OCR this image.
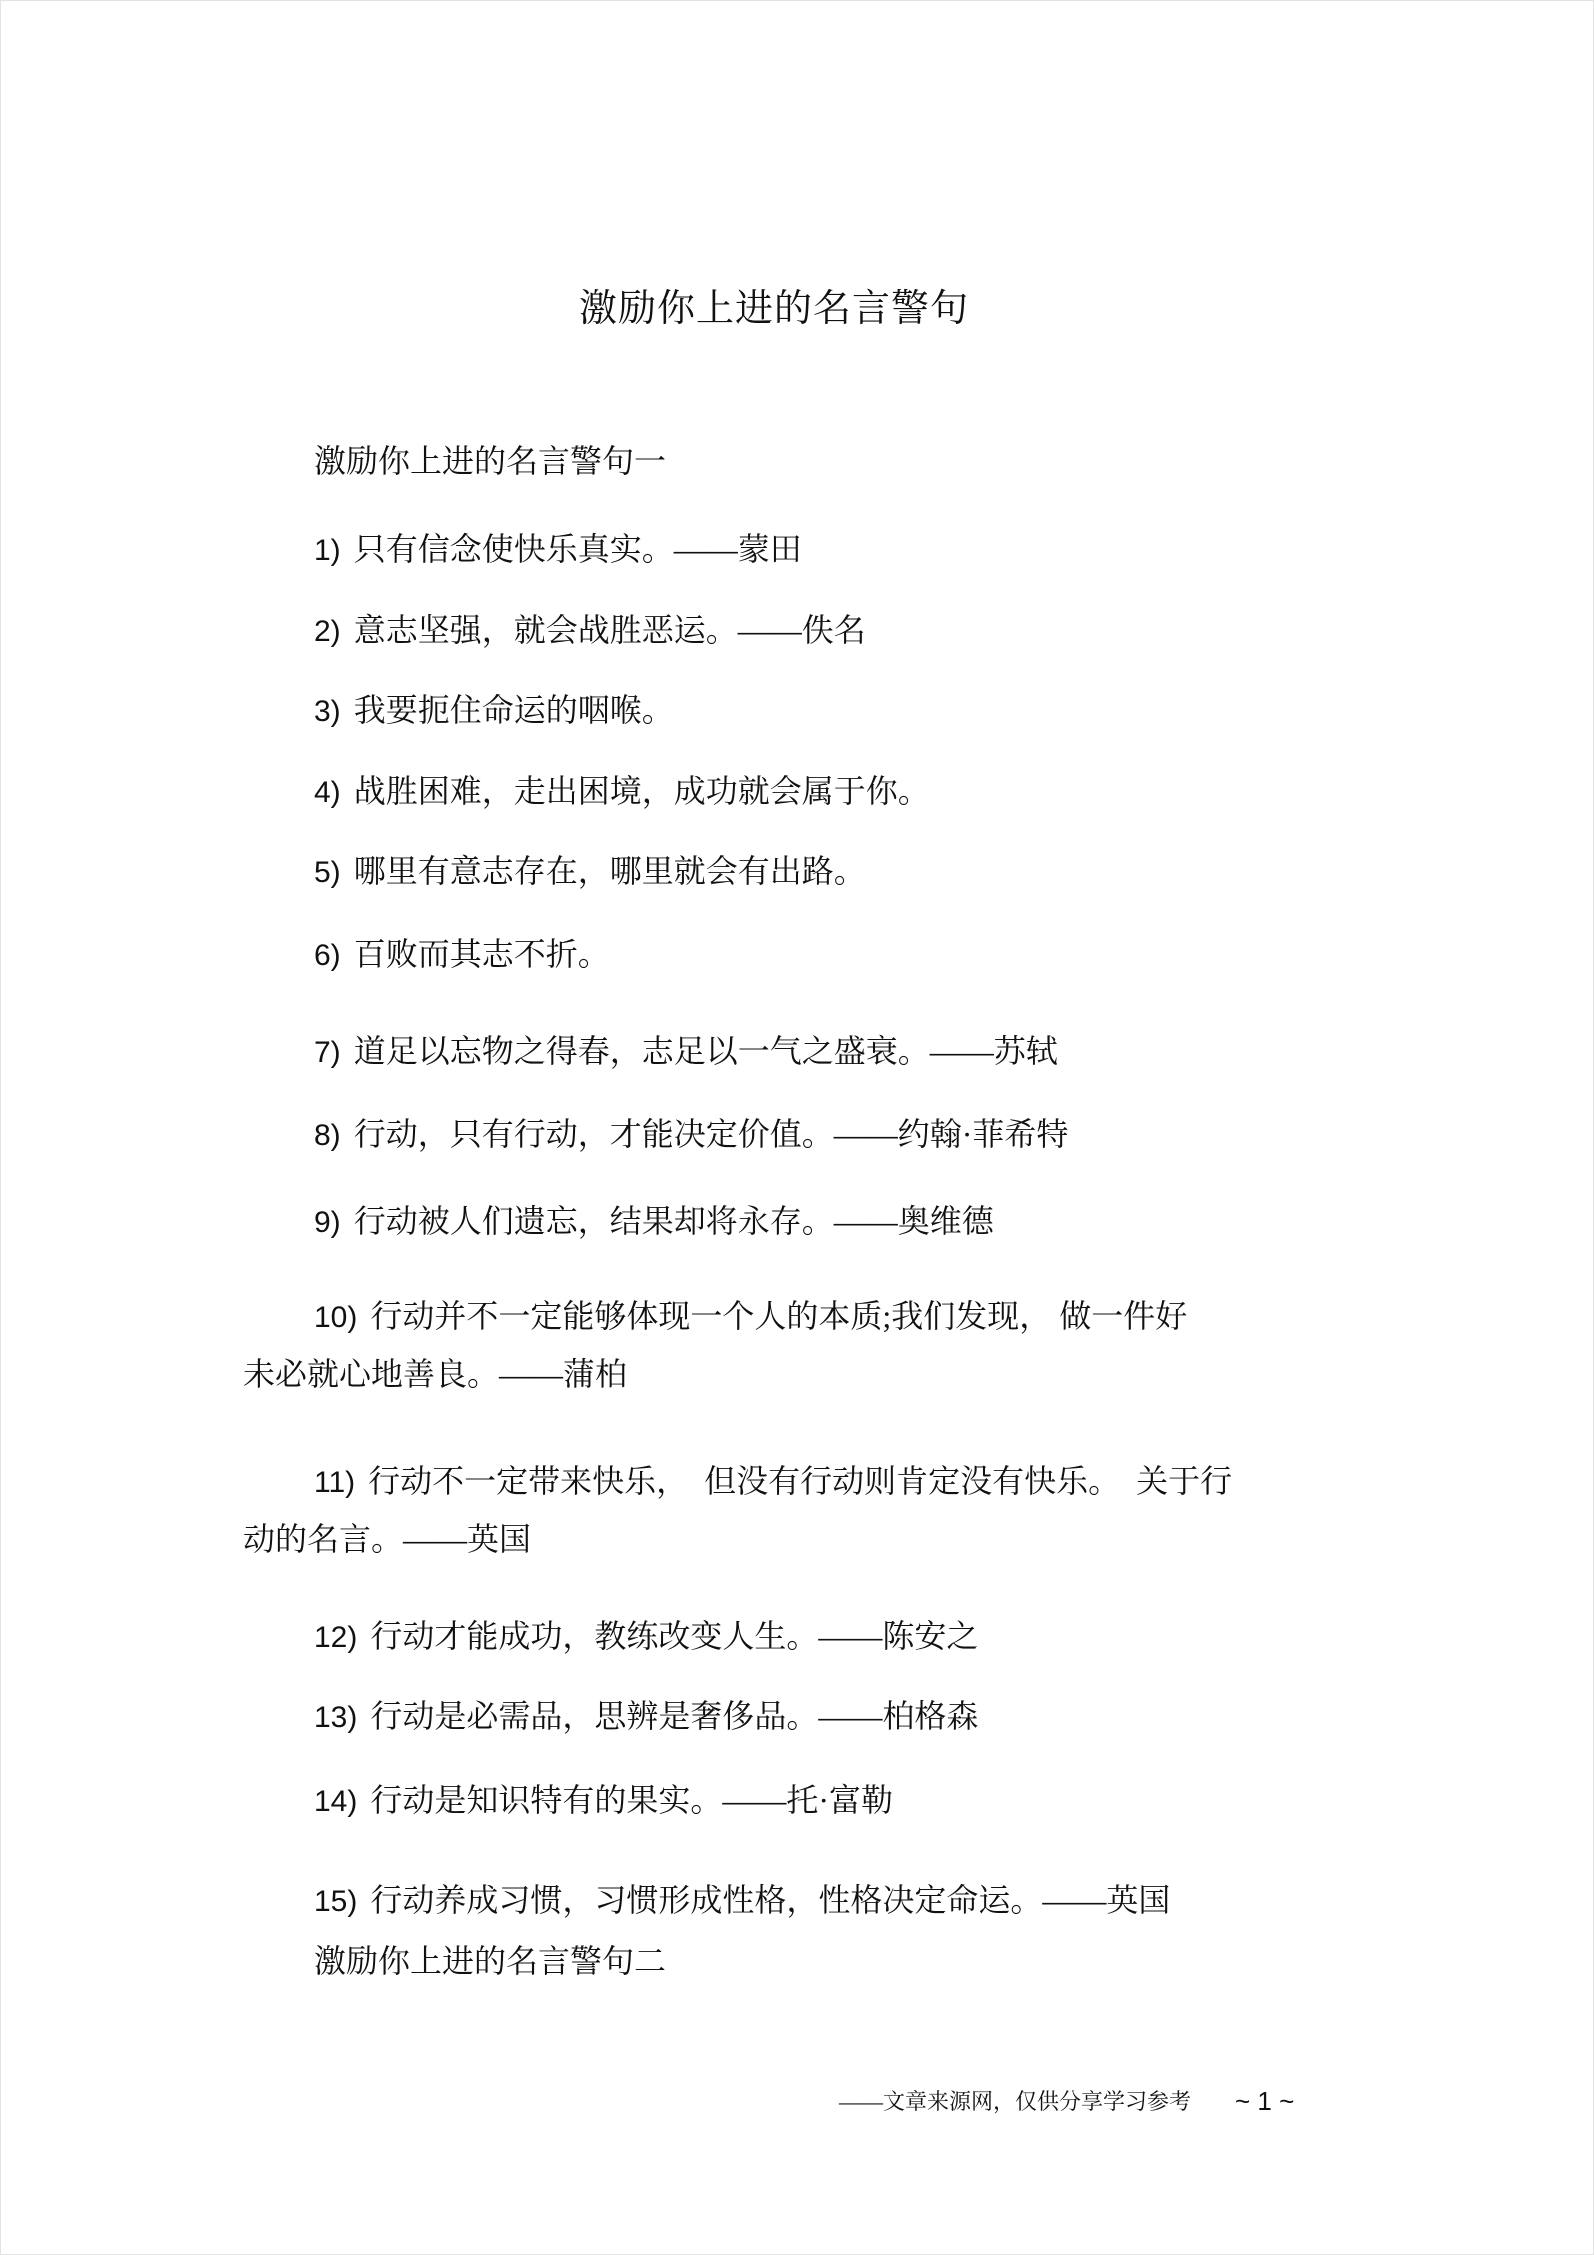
激励你上进的名言警句

激励你上进的名言警句一

1) 只有信念使快乐真实。——蒙田

2) 意志坚强，就会战胜恶运。——佚名

3) 我要扼住命运的咽喉。

4) 战胜困难，走出困境，成功就会属于你。

5) 哪里有意志存在，哪里就会有出路。

6) 百败而其志不折。

7) 道足以忘物之得春，志足以一气之盛衰。——苏轼

8) 行动，只有行动，才能决定价值。——约翰·菲希特

9) 行动被人们遗忘，结果却将永存。——奥维德

10) 行动并不一定能够体现一个人的本质;我们发现， 做一件好
未必就心地善良。——蒲柏

11) 行动不一定带来快乐，　但没有行动则肯定没有快乐。　关于行
动的名言。——英国

12) 行动才能成功，教练改变人生。——陈安之

13) 行动是必需品，思辨是奢侈品。——柏格森

14) 行动是知识特有的果实。——托·富勒

15) 行动养成习惯，习惯形成性格，性格决定命运。——英国

激励你上进的名言警句二

——文章来源网，仅供分享学习参考 ~ 1 ~
